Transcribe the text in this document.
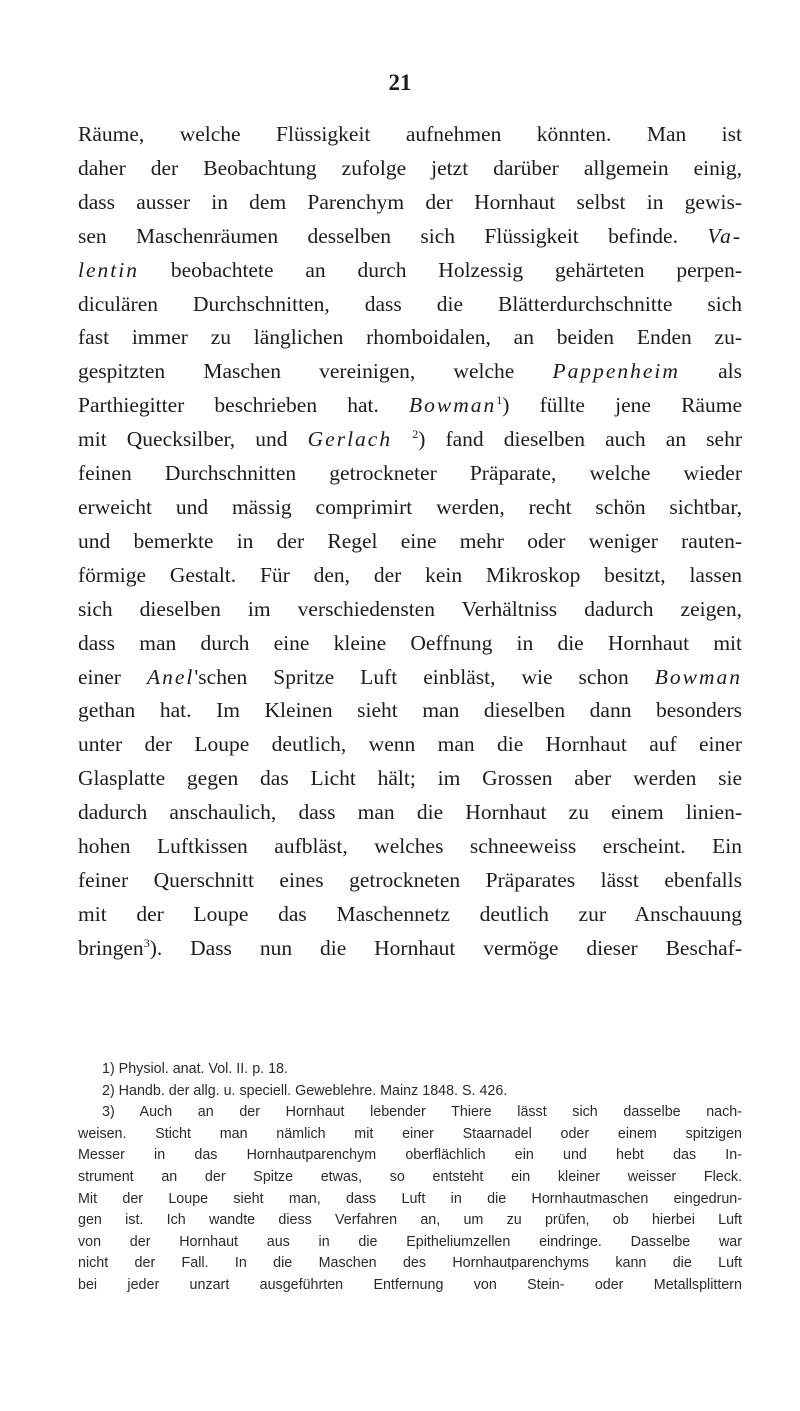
21
Räume, welche Flüssigkeit aufnehmen könnten. Man ist
daher der Beobachtung zufolge jetzt darüber allgemein einig,
dass ausser in dem Parenchym der Hornhaut selbst in gewis-
sen Maschenräumen desselben sich Flüssigkeit befinde. Va-
lentin beobachtete an durch Holzessig gehärteten perpen-
diculären Durchschnitten, dass die Blätterdurchschnitte sich
fast immer zu länglichen rhomboidalen, an beiden Enden zu-
gespitzten Maschen vereinigen, welche Pappenheim als
Parthiegitter beschrieben hat. Bowman$^1$) füllte jene Räume
mit Quecksilber, und Gerlach $^2$) fand dieselben auch an sehr
feinen Durchschnitten getrockneter Präparate, welche wieder
erweicht und mässig comprimirt werden, recht schön sichtbar,
und bemerkte in der Regel eine mehr oder weniger rauten-
förmige Gestalt. Für den, der kein Mikroskop besitzt, lassen
sich dieselben im verschiedensten Verhältniss dadurch zeigen,
dass man durch eine kleine Oeffnung in die Hornhaut mit
einer Anel'schen Spritze Luft einbläst, wie schon Bowman
gethan hat. Im Kleinen sieht man dieselben dann besonders
unter der Loupe deutlich, wenn man die Hornhaut auf einer
Glasplatte gegen das Licht hält; im Grossen aber werden sie
dadurch anschaulich, dass man die Hornhaut zu einem linien-
hohen Luftkissen aufbläst, welches schneeweiss erscheint. Ein
feiner Querschnitt eines getrockneten Präparates lässt ebenfalls
mit der Loupe das Maschennetz deutlich zur Anschauung
bringen$^3$). Dass nun die Hornhaut vermöge dieser Beschaf-
1) Physiol. anat. Vol. II. p. 18.
2) Handb. der allg. u. speciell. Geweblehre. Mainz 1848. S. 426.
3) Auch an der Hornhaut lebender Thiere lässt sich dasselbe nach-
weisen. Sticht man nämlich mit einer Staarnadel oder einem spitzigen
Messer in das Hornhautparenchym oberflächlich ein und hebt das In-
strument an der Spitze etwas, so entsteht ein kleiner weisser Fleck.
Mit der Loupe sieht man, dass Luft in die Hornhautmaschen eingedrun-
gen ist. Ich wandte diess Verfahren an, um zu prüfen, ob hierbei Luft
von der Hornhaut aus in die Epitheliumzellen eindringe. Dasselbe war
nicht der Fall. In die Maschen des Hornhautparenchyms kann die Luft
bei jeder unzart ausgeführten Entfernung von Stein- oder Metallsplittern
